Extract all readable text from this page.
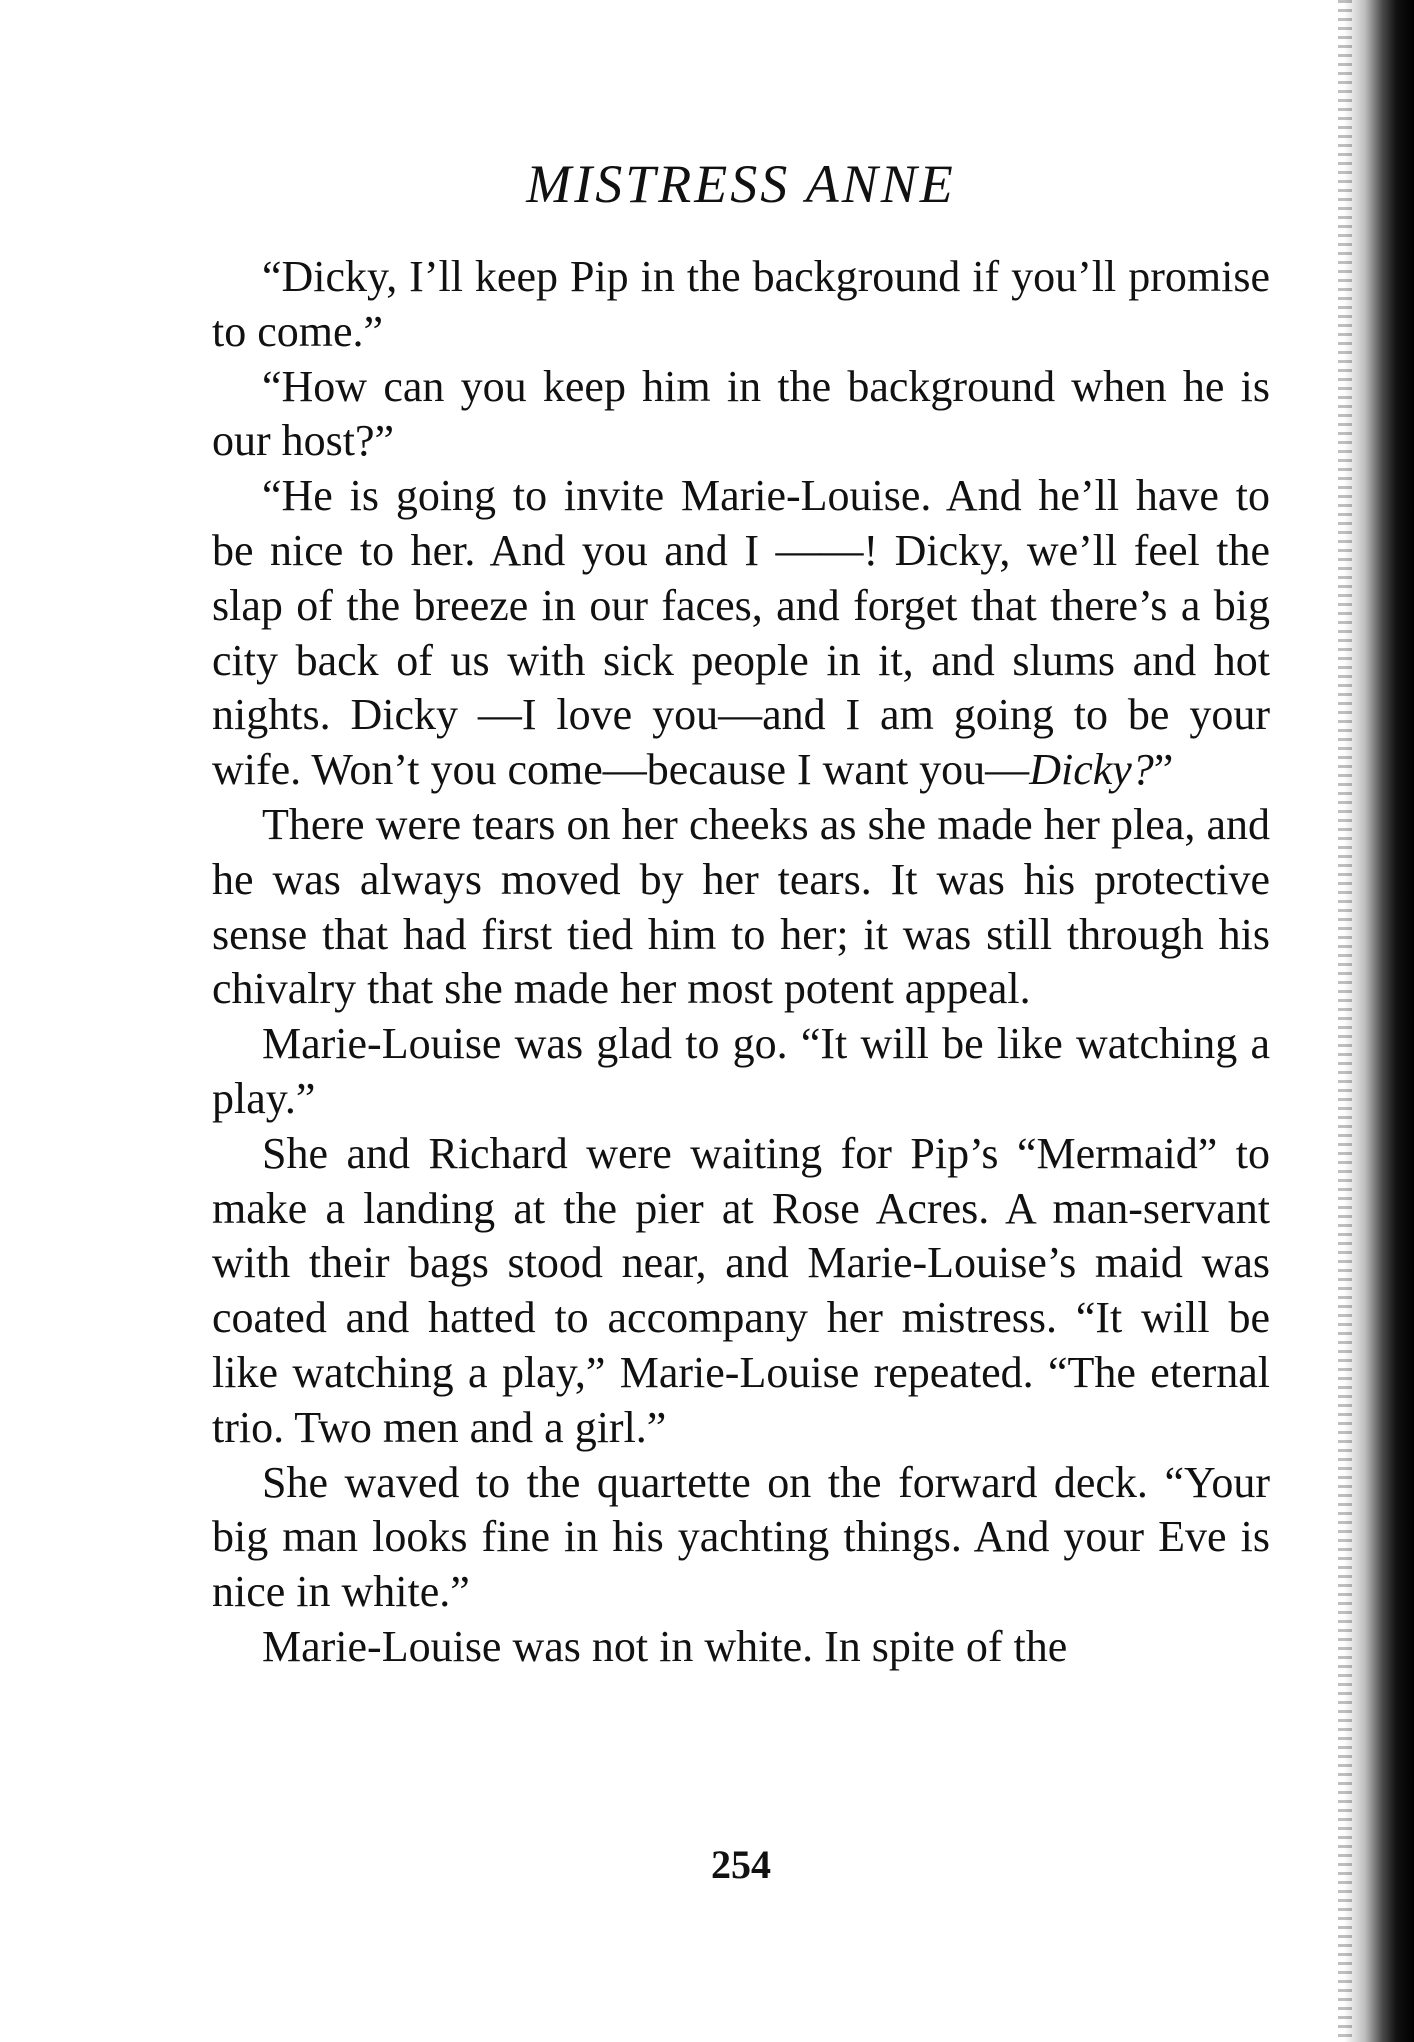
MISTRESS ANNE

“Dicky, I’ll keep Pip in the background if you’ll promise to come.”

“How can you keep him in the background when he is our host?”

“He is going to invite Marie-Louise. And he’ll have to be nice to her. And you and I ——! Dicky, we’ll feel the slap of the breeze in our faces, and forget that there’s a big city back of us with sick people in it, and slums and hot nights. Dicky —I love you—and I am going to be your wife. Won’t you come—because I want you—Dicky?”

There were tears on her cheeks as she made her plea, and he was always moved by her tears. It was his protective sense that had first tied him to her; it was still through his chivalry that she made her most potent appeal.

Marie-Louise was glad to go. “It will be like watching a play.”

She and Richard were waiting for Pip’s “Mermaid” to make a landing at the pier at Rose Acres. A man-servant with their bags stood near, and Marie-Louise’s maid was coated and hatted to accompany her mistress. “It will be like watching a play,” Marie-Louise repeated. “The eternal trio. Two men and a girl.”

She waved to the quartette on the forward deck. “Your big man looks fine in his yachting things. And your Eve is nice in white.”

Marie-Louise was not in white. In spite of the

254
